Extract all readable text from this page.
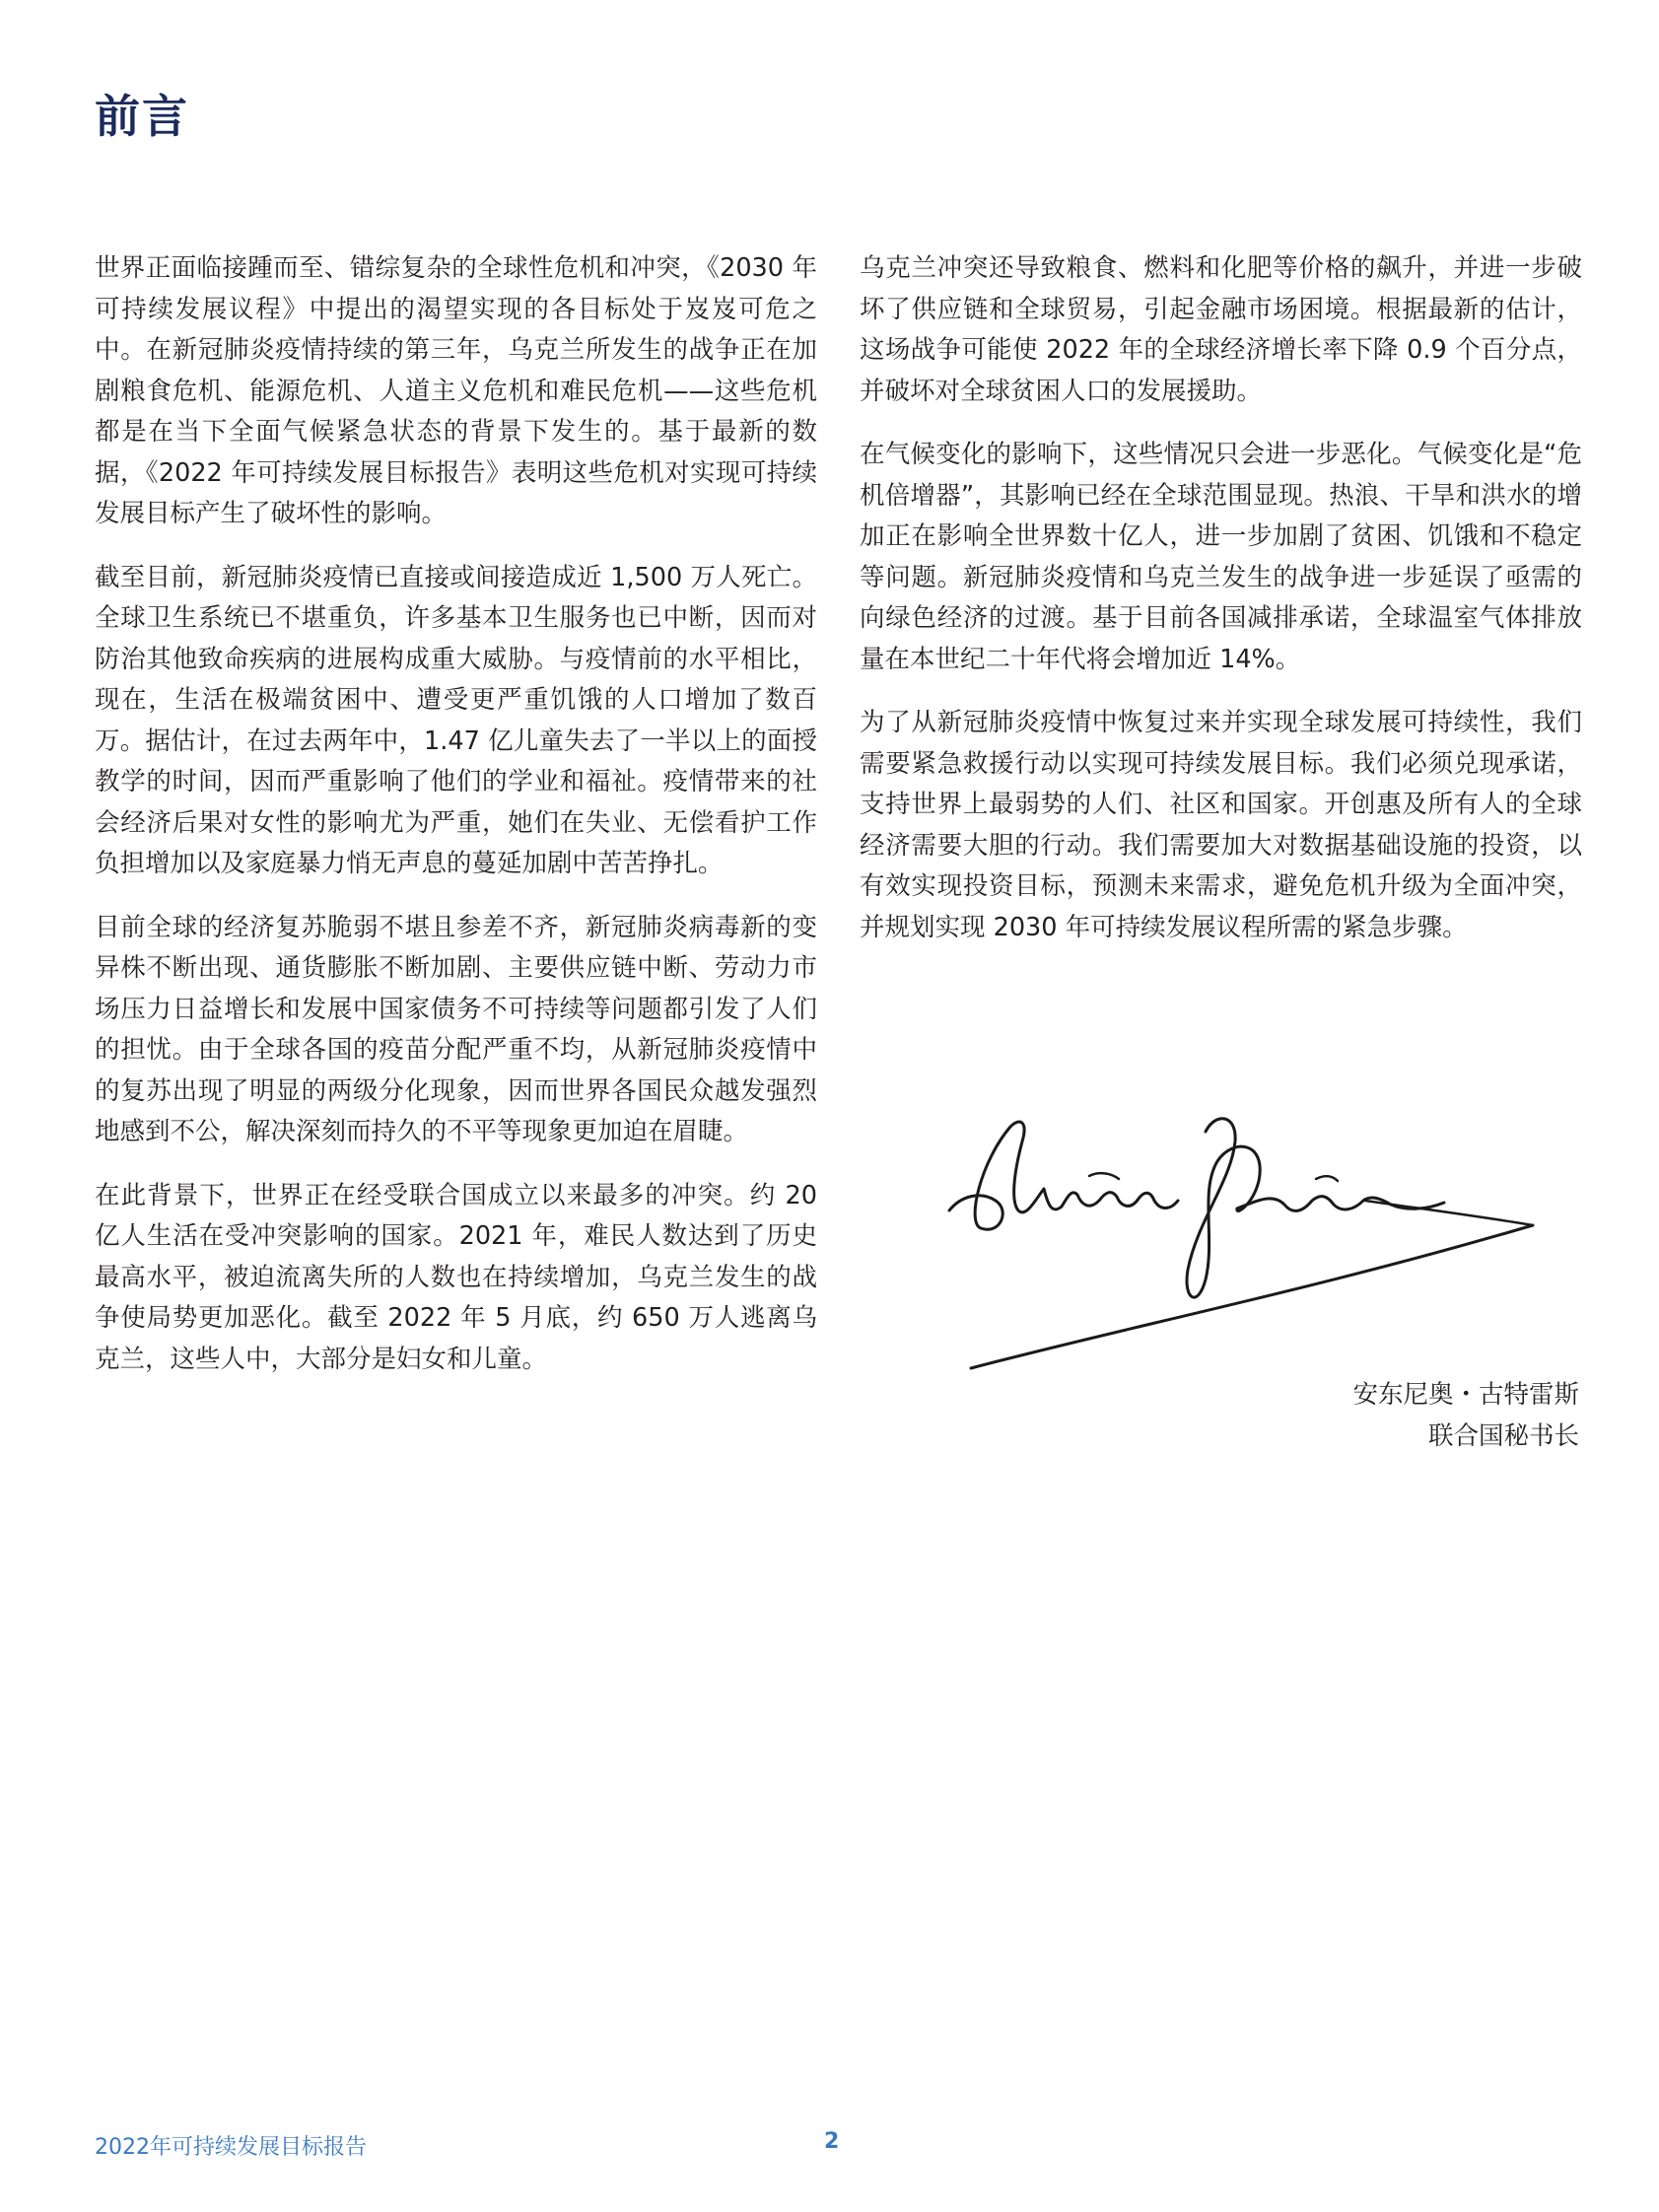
前言

世界正面临接踵而至、错综复杂的全球性危机和冲突，《2030 年可持续发展议程》中提出的渴望实现的各目标处于岌岌可危之中。在新冠肺炎疫情持续的第三年，乌克兰所发生的战争正在加剧粮食危机、能源危机、人道主义危机和难民危机——这些危机都是在当下全面气候紧急状态的背景下发生的。基于最新的数据，《2022 年可持续发展目标报告》表明这些危机对实现可持续发展目标产生了破坏性的影响。

截至目前，新冠肺炎疫情已直接或间接造成近 1,500 万人死亡。全球卫生系统已不堪重负，许多基本卫生服务也已中断，因而对防治其他致命疾病的进展构成重大威胁。与疫情前的水平相比，现在，生活在极端贫困中、遭受更严重饥饿的人口增加了数百万。据估计，在过去两年中，1.47 亿儿童失去了一半以上的面授教学的时间，因而严重影响了他们的学业和福祉。疫情带来的社会经济后果对女性的影响尤为严重，她们在失业、无偿看护工作负担增加以及家庭暴力悄无声息的蔓延加剧中苦苦挣扎。

目前全球的经济复苏脆弱不堪且参差不齐，新冠肺炎病毒新的变异株不断出现、通货膨胀不断加剧、主要供应链中断、劳动力市场压力日益增长和发展中国家债务不可持续等问题都引发了人们的担忧。由于全球各国的疫苗分配严重不均，从新冠肺炎疫情中的复苏出现了明显的两级分化现象，因而世界各国民众越发强烈地感到不公，解决深刻而持久的不平等现象更加迫在眉睫。

在此背景下，世界正在经受联合国成立以来最多的冲突。约 20 亿人生活在受冲突影响的国家。2021 年，难民人数达到了历史最高水平，被迫流离失所的人数也在持续增加，乌克兰发生的战争使局势更加恶化。截至 2022 年 5 月底，约 650 万人逃离乌克兰，这些人中，大部分是妇女和儿童。

乌克兰冲突还导致粮食、燃料和化肥等价格的飙升，并进一步破坏了供应链和全球贸易，引起金融市场困境。根据最新的估计，这场战争可能使 2022 年的全球经济增长率下降 0.9 个百分点，并破坏对全球贫困人口的发展援助。

在气候变化的影响下，这些情况只会进一步恶化。气候变化是“危机倍增器”，其影响已经在全球范围显现。热浪、干旱和洪水的增加正在影响全世界数十亿人，进一步加剧了贫困、饥饿和不稳定等问题。新冠肺炎疫情和乌克兰发生的战争进一步延误了亟需的向绿色经济的过渡。基于目前各国减排承诺，全球温室气体排放量在本世纪二十年代将会增加近 14%。

为了从新冠肺炎疫情中恢复过来并实现全球发展可持续性，我们需要紧急救援行动以实现可持续发展目标。我们必须兑现承诺，支持世界上最弱势的人们、社区和国家。开创惠及所有人的全球经济需要大胆的行动。我们需要加大对数据基础设施的投资，以有效实现投资目标，预测未来需求，避免危机升级为全面冲突，并规划实现 2030 年可持续发展议程所需的紧急步骤。

安东尼奥・古特雷斯
联合国秘书长
2022年可持续发展目标报告	2
